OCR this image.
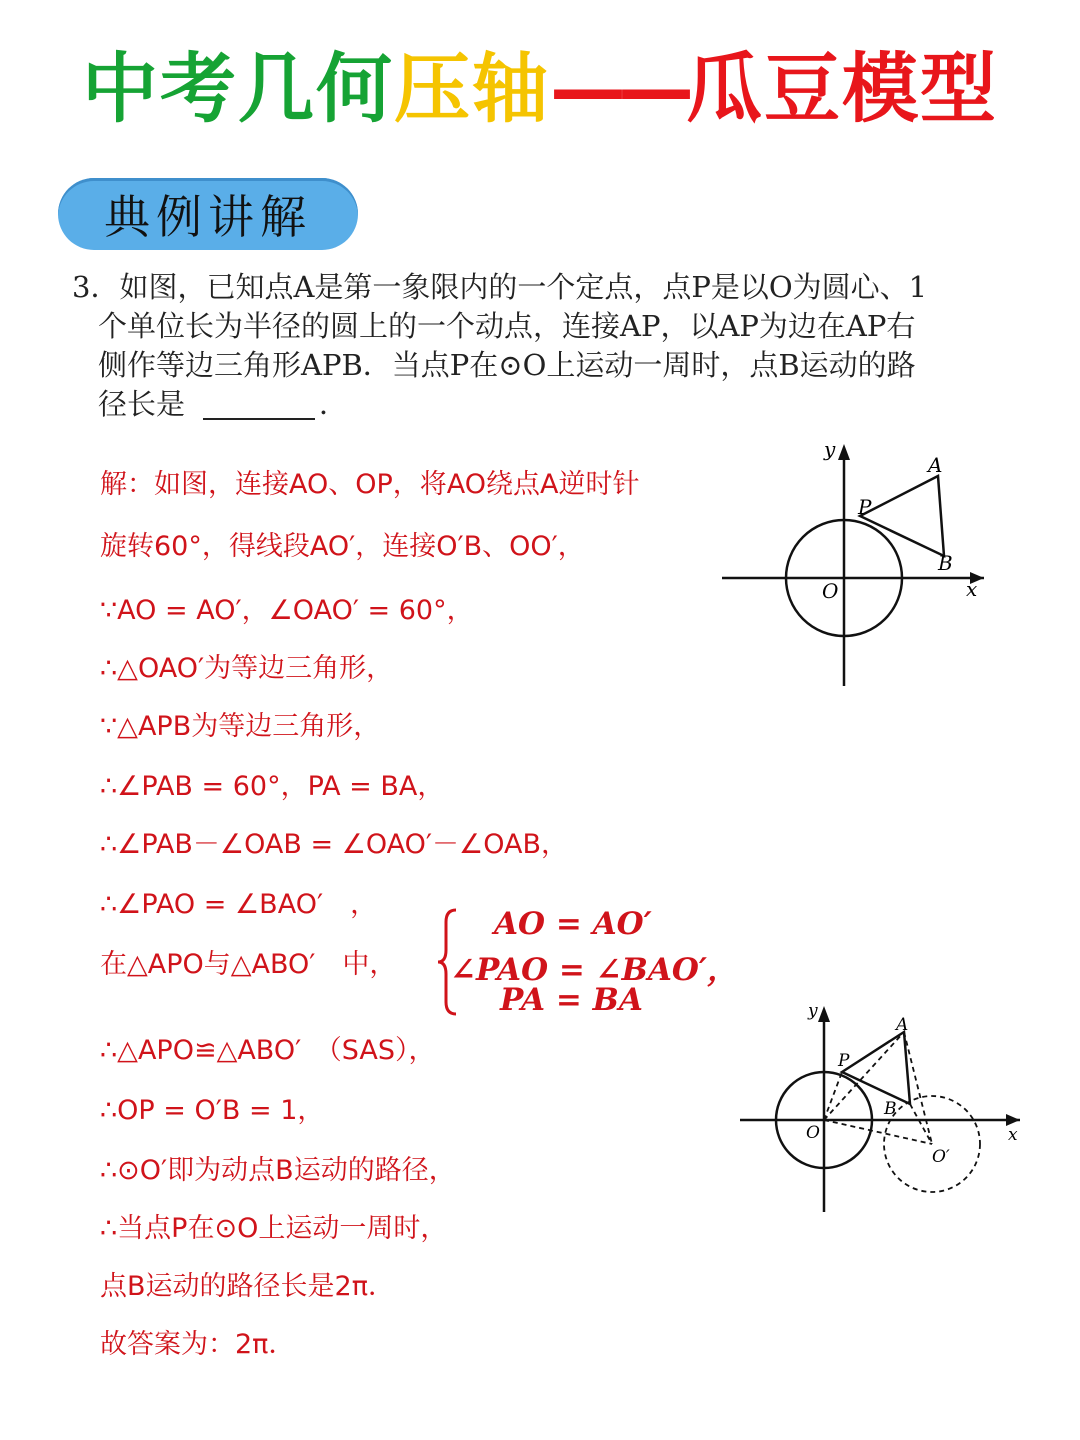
中考几何压轴——瓜豆模型
典例讲解
3．如图，已知点A是第一象限内的一个定点，点P是以O为圆心、1
个单位长为半径的圆上的一个动点，连接AP，以AP为边在AP右
侧作等边三角形APB．当点P在⊙O上运动一周时，点B运动的路
径长是	．
解：如图，连接AO、OP，将AO绕点A逆时针
旋转60°，得线段AO′，连接O′B、OO′，
∵AO = AO′，∠OAO′ = 60°，
∴△OAO′为等边三角形，
∵△APB为等边三角形，
∴∠PAB = 60°，PA = BA，
∴∠PAB－∠OAB = ∠OAO′－∠OAB，
∴∠PAO = ∠BAO′　，
在△APO与△ABO′　中，
∴△APO≌△ABO′　（SAS），
∴OP = O′B = 1，
∴⊙O′即为动点B运动的路径，
∴当点P在⊙O上运动一周时，
点B运动的路径长是2π．
故答案为：2π．
AO = AO′
∠PAO = ∠BAO′，
PA = BA
y
x
O
A
P
B
y
x
O
A
P
B
O′
